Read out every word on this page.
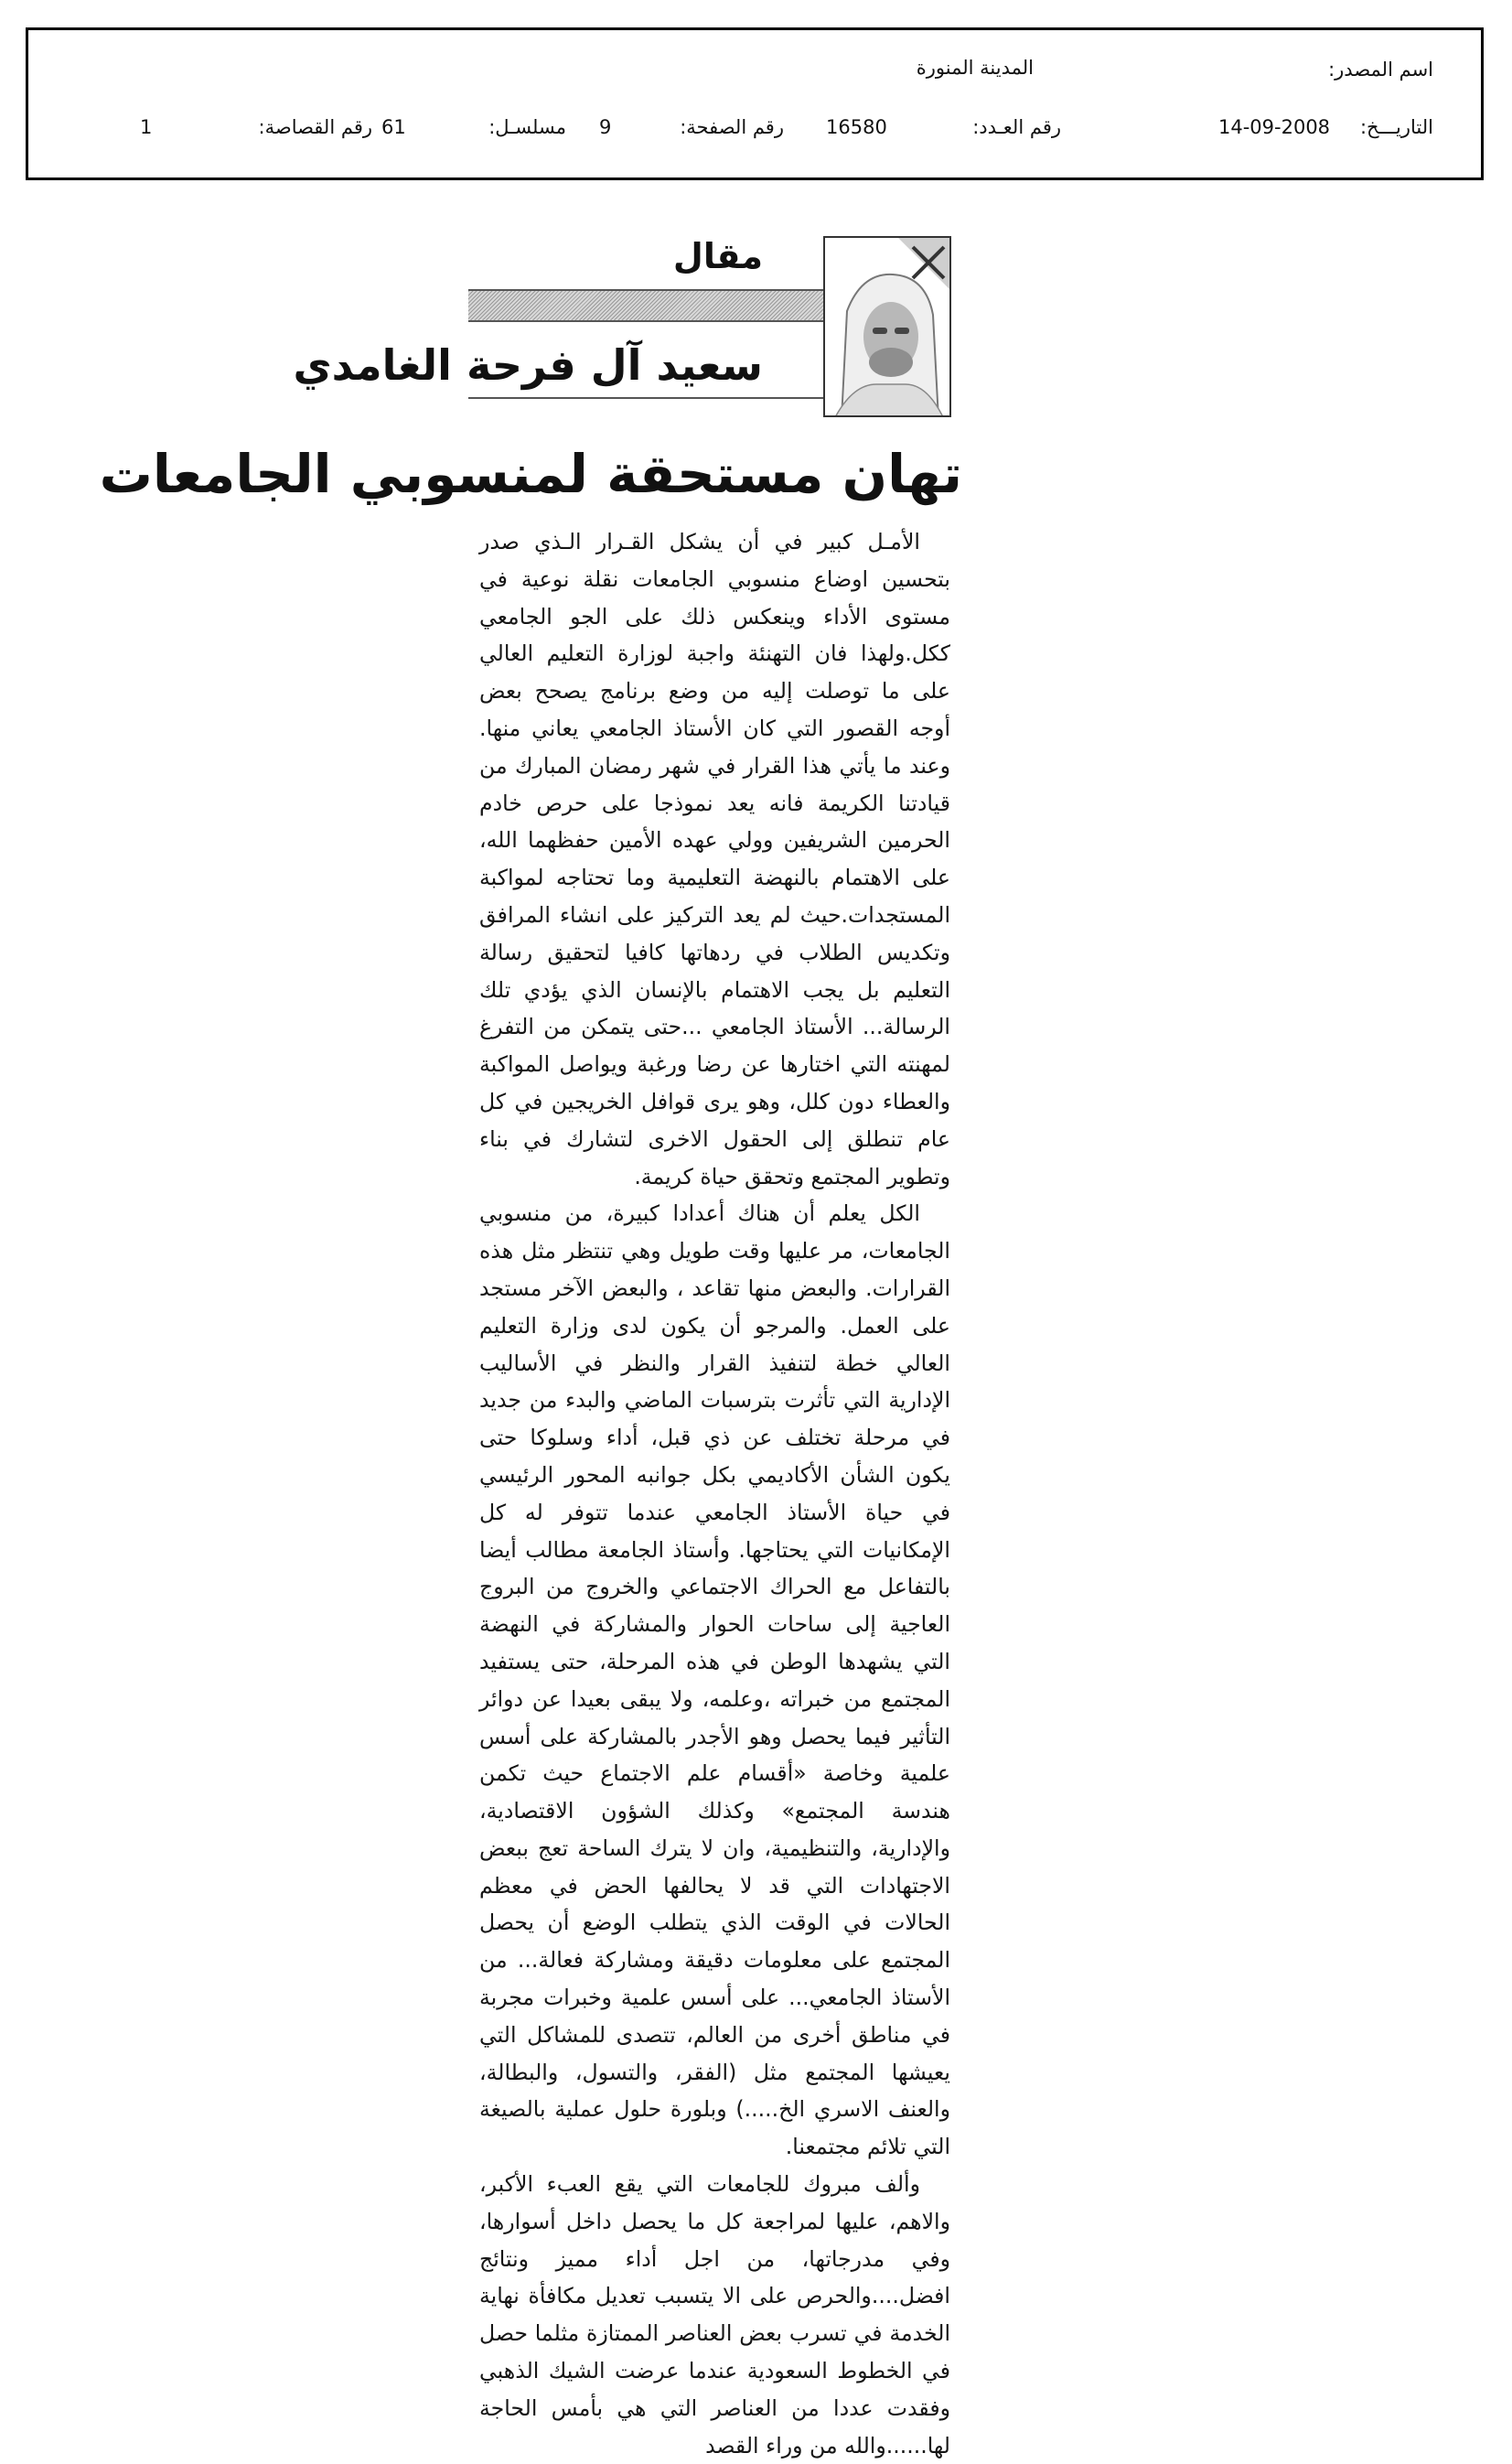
اسم المصدر:
المدينة المنورة
التاريـــخ:
14-09-2008
رقم العـدد:
16580
رقم الصفحة:
9
مسلسـل:
61
رقم القصاصة:
1
مقال
سعيد آل فرحة الغامدي
تهان مستحقة لمنسوبي الجامعات

الأمـل كبير في أن يشكل القـرار الـذي صدر بتحسين اوضاع منسوبي الجامعات نقلة نوعية في مستوى الأداء وينعكس ذلك على الجو الجامعي ككل.ولهذا فان التهنئة واجبة لوزارة التعليم العالي على ما توصلت إليه من وضع برنامج يصحح بعض أوجه القصور التي كان الأستاذ الجامعي يعاني منها. وعند ما يأتي هذا القرار في شهر رمضان المبارك من قيادتنا الكريمة فانه يعد نموذجا على حرص خادم الحرمين الشريفين وولي عهده الأمين حفظهما الله، على الاهتمام بالنهضة التعليمية وما تحتاجه لمواكبة المستجدات.حيث لم يعد التركيز على انشاء المرافق وتكديس الطلاب في ردهاتها كافيا لتحقيق رسالة التعليم بل يجب الاهتمام بالإنسان الذي يؤدي تلك الرسالة... الأستاذ الجامعي ...حتى يتمكن من التفرغ لمهنته التي اختارها عن رضا ورغبة ويواصل المواكبة والعطاء دون كلل، وهو يرى قوافل الخريجين في كل عام تنطلق إلى الحقول الاخرى لتشارك في بناء وتطوير المجتمع وتحقق حياة كريمة.

الكل يعلم أن هناك أعدادا كبيرة، من منسوبي الجامعات، مر عليها وقت طويل وهي تنتظر مثل هذه القرارات. والبعض منها تقاعد ، والبعض الآخر مستجد على العمل. والمرجو أن يكون لدى وزارة التعليم العالي خطة لتنفيذ القرار والنظر في الأساليب الإدارية التي تأثرت بترسبات الماضي والبدء من جديد في مرحلة تختلف عن ذي قبل، أداء وسلوكا حتى يكون الشأن الأكاديمي بكل جوانبه المحور الرئيسي في حياة الأستاذ الجامعي عندما تتوفر له كل الإمكانيات التي يحتاجها. وأستاذ الجامعة مطالب أيضا بالتفاعل مع الحراك الاجتماعي والخروج من البروج العاجية إلى ساحات الحوار والمشاركة في النهضة التي يشهدها الوطن في هذه المرحلة، حتى يستفيد المجتمع من خبراته ،وعلمه، ولا يبقى بعيدا عن دوائر التأثير فيما يحصل وهو الأجدر بالمشاركة على أسس علمية وخاصة «أقسام علم الاجتماع حيث تكمن هندسة المجتمع» وكذلك الشؤون الاقتصادية، والإدارية، والتنظيمية، وان لا يترك الساحة تعج ببعض الاجتهادات التي قد لا يحالفها الحض في معظم الحالات في الوقت الذي يتطلب الوضع أن يحصل المجتمع على معلومات دقيقة ومشاركة فعالة... من الأستاذ الجامعي... على أسس علمية وخبرات مجربة في مناطق أخرى من العالم، تتصدى للمشاكل التي يعيشها المجتمع مثل (الفقر، والتسول، والبطالة، والعنف الاسري الخ.....) وبلورة حلول عملية بالصيغة التي تلائم مجتمعنا.

وألف مبروك للجامعات التي يقع العبء الأكبر، والاهم، عليها لمراجعة كل ما يحصل داخل أسوارها، وفي مدرجاتها، من اجل أداء مميز ونتائج افضل....والحرص على الا يتسبب تعديل مكافأة نهاية الخدمة في تسرب بعض العناصر الممتازة مثلما حصل في الخطوط السعودية عندما عرضت الشيك الذهبي وفقدت عددا من العناصر التي هي بأمس الحاجة لها......والله من وراء القصد
